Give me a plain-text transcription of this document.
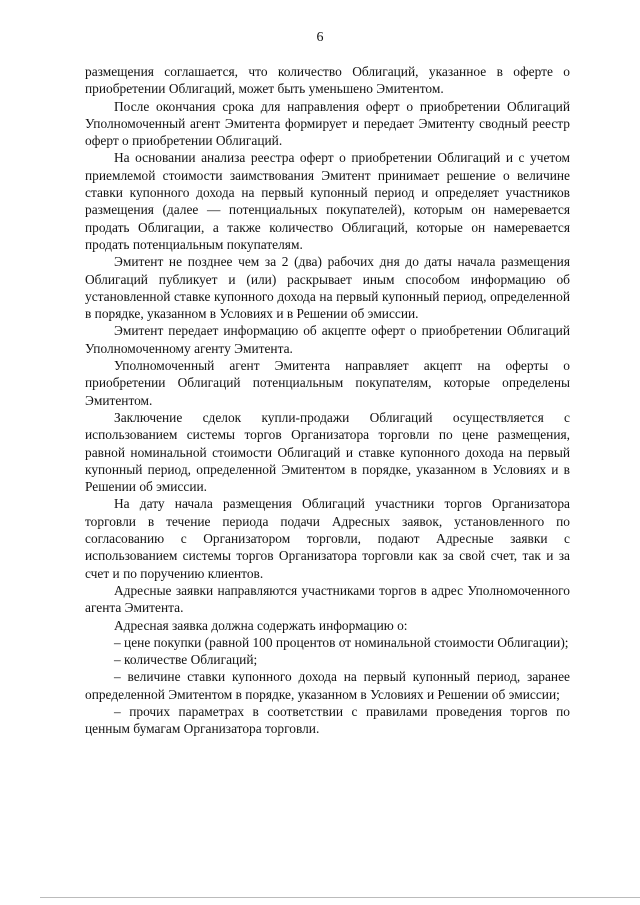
6

размещения соглашается, что количество Облигаций, указанное в оферте о приобретении Облигаций, может быть уменьшено Эмитентом.

После окончания срока для направления оферт о приобретении Облигаций Уполномоченный агент Эмитента формирует и передает Эмитенту сводный реестр оферт о приобретении Облигаций.

На основании анализа реестра оферт о приобретении Облигаций и с учетом приемлемой стоимости заимствования Эмитент принимает решение о величине ставки купонного дохода на первый купонный период и определяет участников размещения (далее — потенциальных покупателей), которым он намеревается продать Облигации, а также количество Облигаций, которые он намеревается продать потенциальным покупателям.

Эмитент не позднее чем за 2 (два) рабочих дня до даты начала размещения Облигаций публикует и (или) раскрывает иным способом информацию об установленной ставке купонного дохода на первый купонный период, определенной в порядке, указанном в Условиях и в Решении об эмиссии.

Эмитент передает информацию об акцепте оферт о приобретении Облигаций Уполномоченному агенту Эмитента.

Уполномоченный агент Эмитента направляет акцепт на оферты о приобретении Облигаций потенциальным покупателям, которые определены Эмитентом.

Заключение сделок купли-продажи Облигаций осуществляется с использованием системы торгов Организатора торговли по цене размещения, равной номинальной стоимости Облигаций и ставке купонного дохода на первый купонный период, определенной Эмитентом в порядке, указанном в Условиях и в Решении об эмиссии.

На дату начала размещения Облигаций участники торгов Организатора торговли в течение периода подачи Адресных заявок, установленного по согласованию с Организатором торговли, подают Адресные заявки с использованием системы торгов Организатора торговли как за свой счет, так и за счет и по поручению клиентов.

Адресные заявки направляются участниками торгов в адрес Уполномоченного агента Эмитента.

Адресная заявка должна содержать информацию о:

– цене покупки (равной 100 процентов от номинальной стоимости Облигации);

– количестве Облигаций;

– величине ставки купонного дохода на первый купонный период, заранее определенной Эмитентом в порядке, указанном в Условиях и Решении об эмиссии;

– прочих параметрах в соответствии с правилами проведения торгов по ценным бумагам Организатора торговли.
